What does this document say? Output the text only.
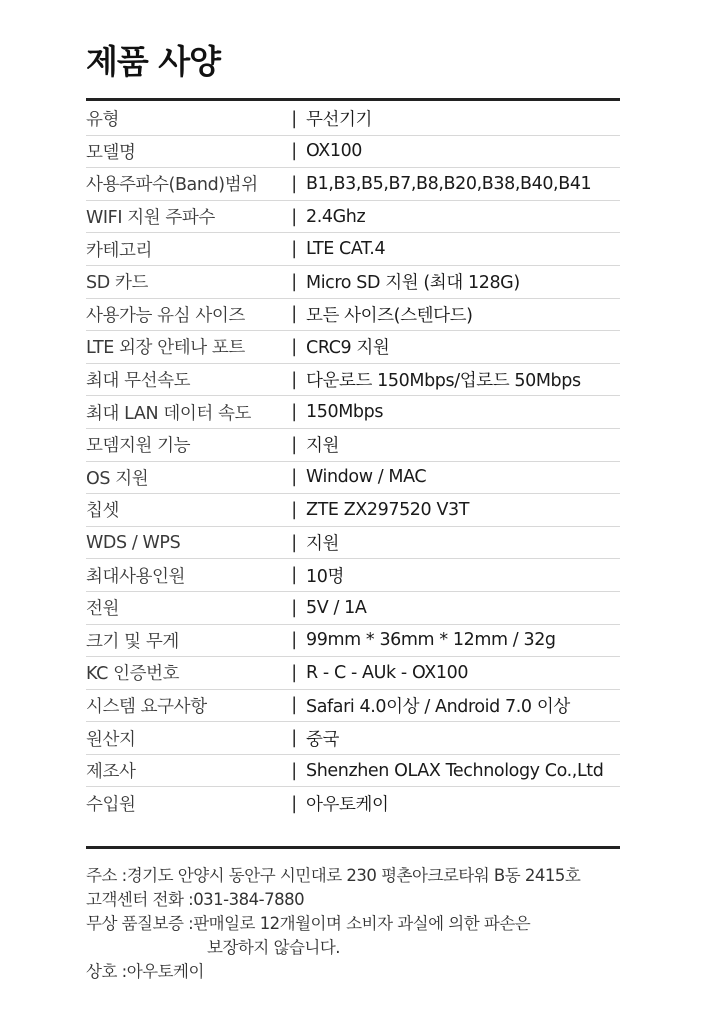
제품 사양
유형	| 무선기기
모델명	| OX100
사용주파수(Band)범위	| B1,B3,B5,B7,B8,B20,B38,B40,B41
WIFI 지원 주파수	| 2.4Ghz
카테고리	| LTE CAT.4
SD 카드	| Micro SD 지원 (최대 128G)
사용가능 유심 사이즈	| 모든 사이즈(스텐다드)
LTE 외장 안테나 포트	| CRC9 지원
최대 무선속도	| 다운로드 150Mbps/업로드 50Mbps
최대 LAN 데이터 속도	| 150Mbps
모뎀지원 기능	| 지원
OS 지원	| Window / MAC
칩셋	| ZTE ZX297520 V3T
WDS / WPS	| 지원
최대사용인원	| 10명
전원	| 5V / 1A
크기 및 무게	| 99mm * 36mm * 12mm / 32g
KC 인증번호	| R - C - AUk - OX100
시스템 요구사항	| Safari 4.0이상 / Android 7.0 이상
원산지	| 중국
제조사	| Shenzhen OLAX Technology Co.,Ltd
수입원	| 아우토케이
주소 : 경기도 안양시 동안구 시민대로 230 평촌아크로타워 B동 2415호
고객센터 전화 : 031-384-7880
무상 품질보증 : 판매일로 12개월이며 소비자 과실에 의한 파손은
보장하지 않습니다.
상호 : 아우토케이
